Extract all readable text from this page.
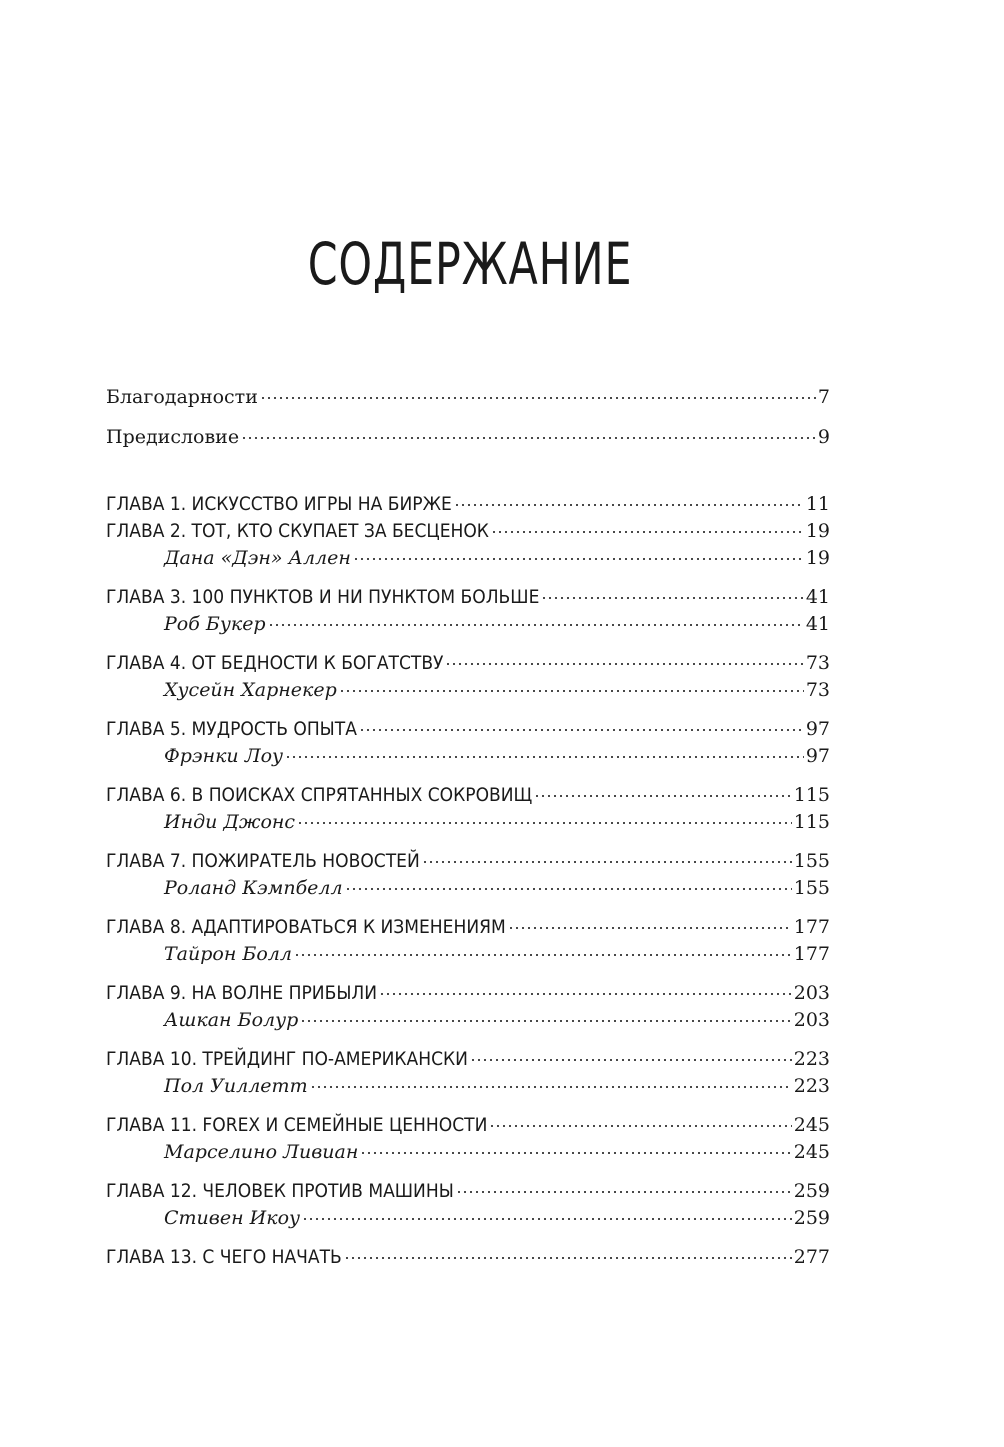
СОДЕРЖАНИЕ
Благодарности	7
Предисловие	9
ГЛАВА 1. ИСКУССТВО ИГРЫ НА БИРЖЕ	11
ГЛАВА 2. ТОТ, КТО СКУПАЕТ ЗА БЕСЦЕНОК	19
Дана «Дэн» Аллен	19
ГЛАВА 3. 100 ПУНКТОВ И НИ ПУНКТОМ БОЛЬШЕ	41
Роб Букер	41
ГЛАВА 4. ОТ БЕДНОСТИ К БОГАТСТВУ	73
Хусейн Харнекер	73
ГЛАВА 5. МУДРОСТЬ ОПЫТА	97
Фрэнки Лоу	97
ГЛАВА 6. В ПОИСКАХ СПРЯТАННЫХ СОКРОВИЩ	115
Инди Джонс	115
ГЛАВА 7. ПОЖИРАТЕЛЬ НОВОСТЕЙ	155
Роланд Кэмпбелл	155
ГЛАВА 8. АДАПТИРОВАТЬСЯ К ИЗМЕНЕНИЯМ	177
Тайрон Болл	177
ГЛАВА 9. НА ВОЛНЕ ПРИБЫЛИ	203
Ашкан Болур	203
ГЛАВА 10. ТРЕЙДИНГ ПО-АМЕРИКАНСКИ	223
Пол Уиллетт	223
ГЛАВА 11. FOREX И СЕМЕЙНЫЕ ЦЕННОСТИ	245
Марселино Ливиан	245
ГЛАВА 12. ЧЕЛОВЕК ПРОТИВ МАШИНЫ	259
Стивен Икоу	259
ГЛАВА 13. С ЧЕГО НАЧАТЬ	277
